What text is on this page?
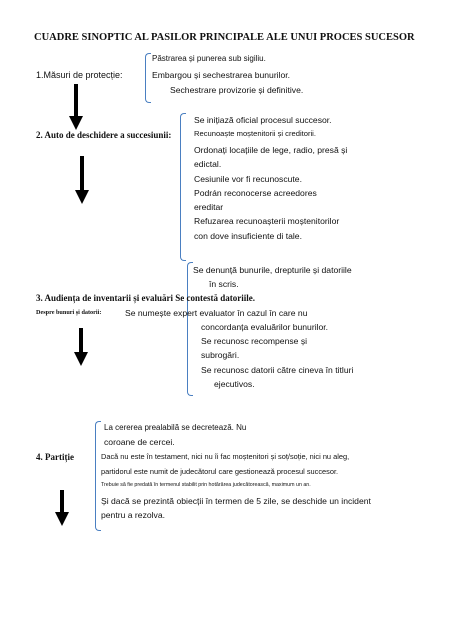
CUADRE SINOPTIC AL PASILOR PRINCIPALE ALE UNUI PROCES SUCESOR
1.Măsuri de protecție:
Păstrarea și punerea sub sigiliu.
Embargou și sechestrarea bunurilor.
Sechestrare provizorie și definitive.
2. Auto de deschidere a succesiunii:
Se inițiază oficial procesul succesor.
Recunoaște moștenitorii și creditorii.
Ordonați locațiile de lege, radio, presă și
edictal.
Cesiunile vor fi recunoscute.
Podrán reconocerse acreedores
ereditar
Refuzarea recunoașterii moștenitorilor
con dove insuficiente di tale.
Se denunță bunurile, drepturile și datoriile
în scris.
3. Audiența de inventarii și evaluări Se contestă datoriile.
Despre bunuri și datorii:	Se numește expert evaluator în cazul în care nu
concordanța evaluărilor bunurilor.
Se recunosc recompense și
subrogări.
Se recunosc datorii către cineva în titluri
ejecutivos.
La cererea prealabilă se decretează. Nu
coroane de cercei.
4. Partiție	Dacă nu este în testament, nici nu îi fac moștenitori și soț/soție, nici nu aleg,
partidorul este numit de judecătorul care gestionează procesul succesor.
Trebuie să fie predată în termenul stabilit prin hotărârea judecătorească, maximum un an.
Și dacă se prezintă obiecții în termen de 5 zile, se deschide un incident
pentru a rezolva.
